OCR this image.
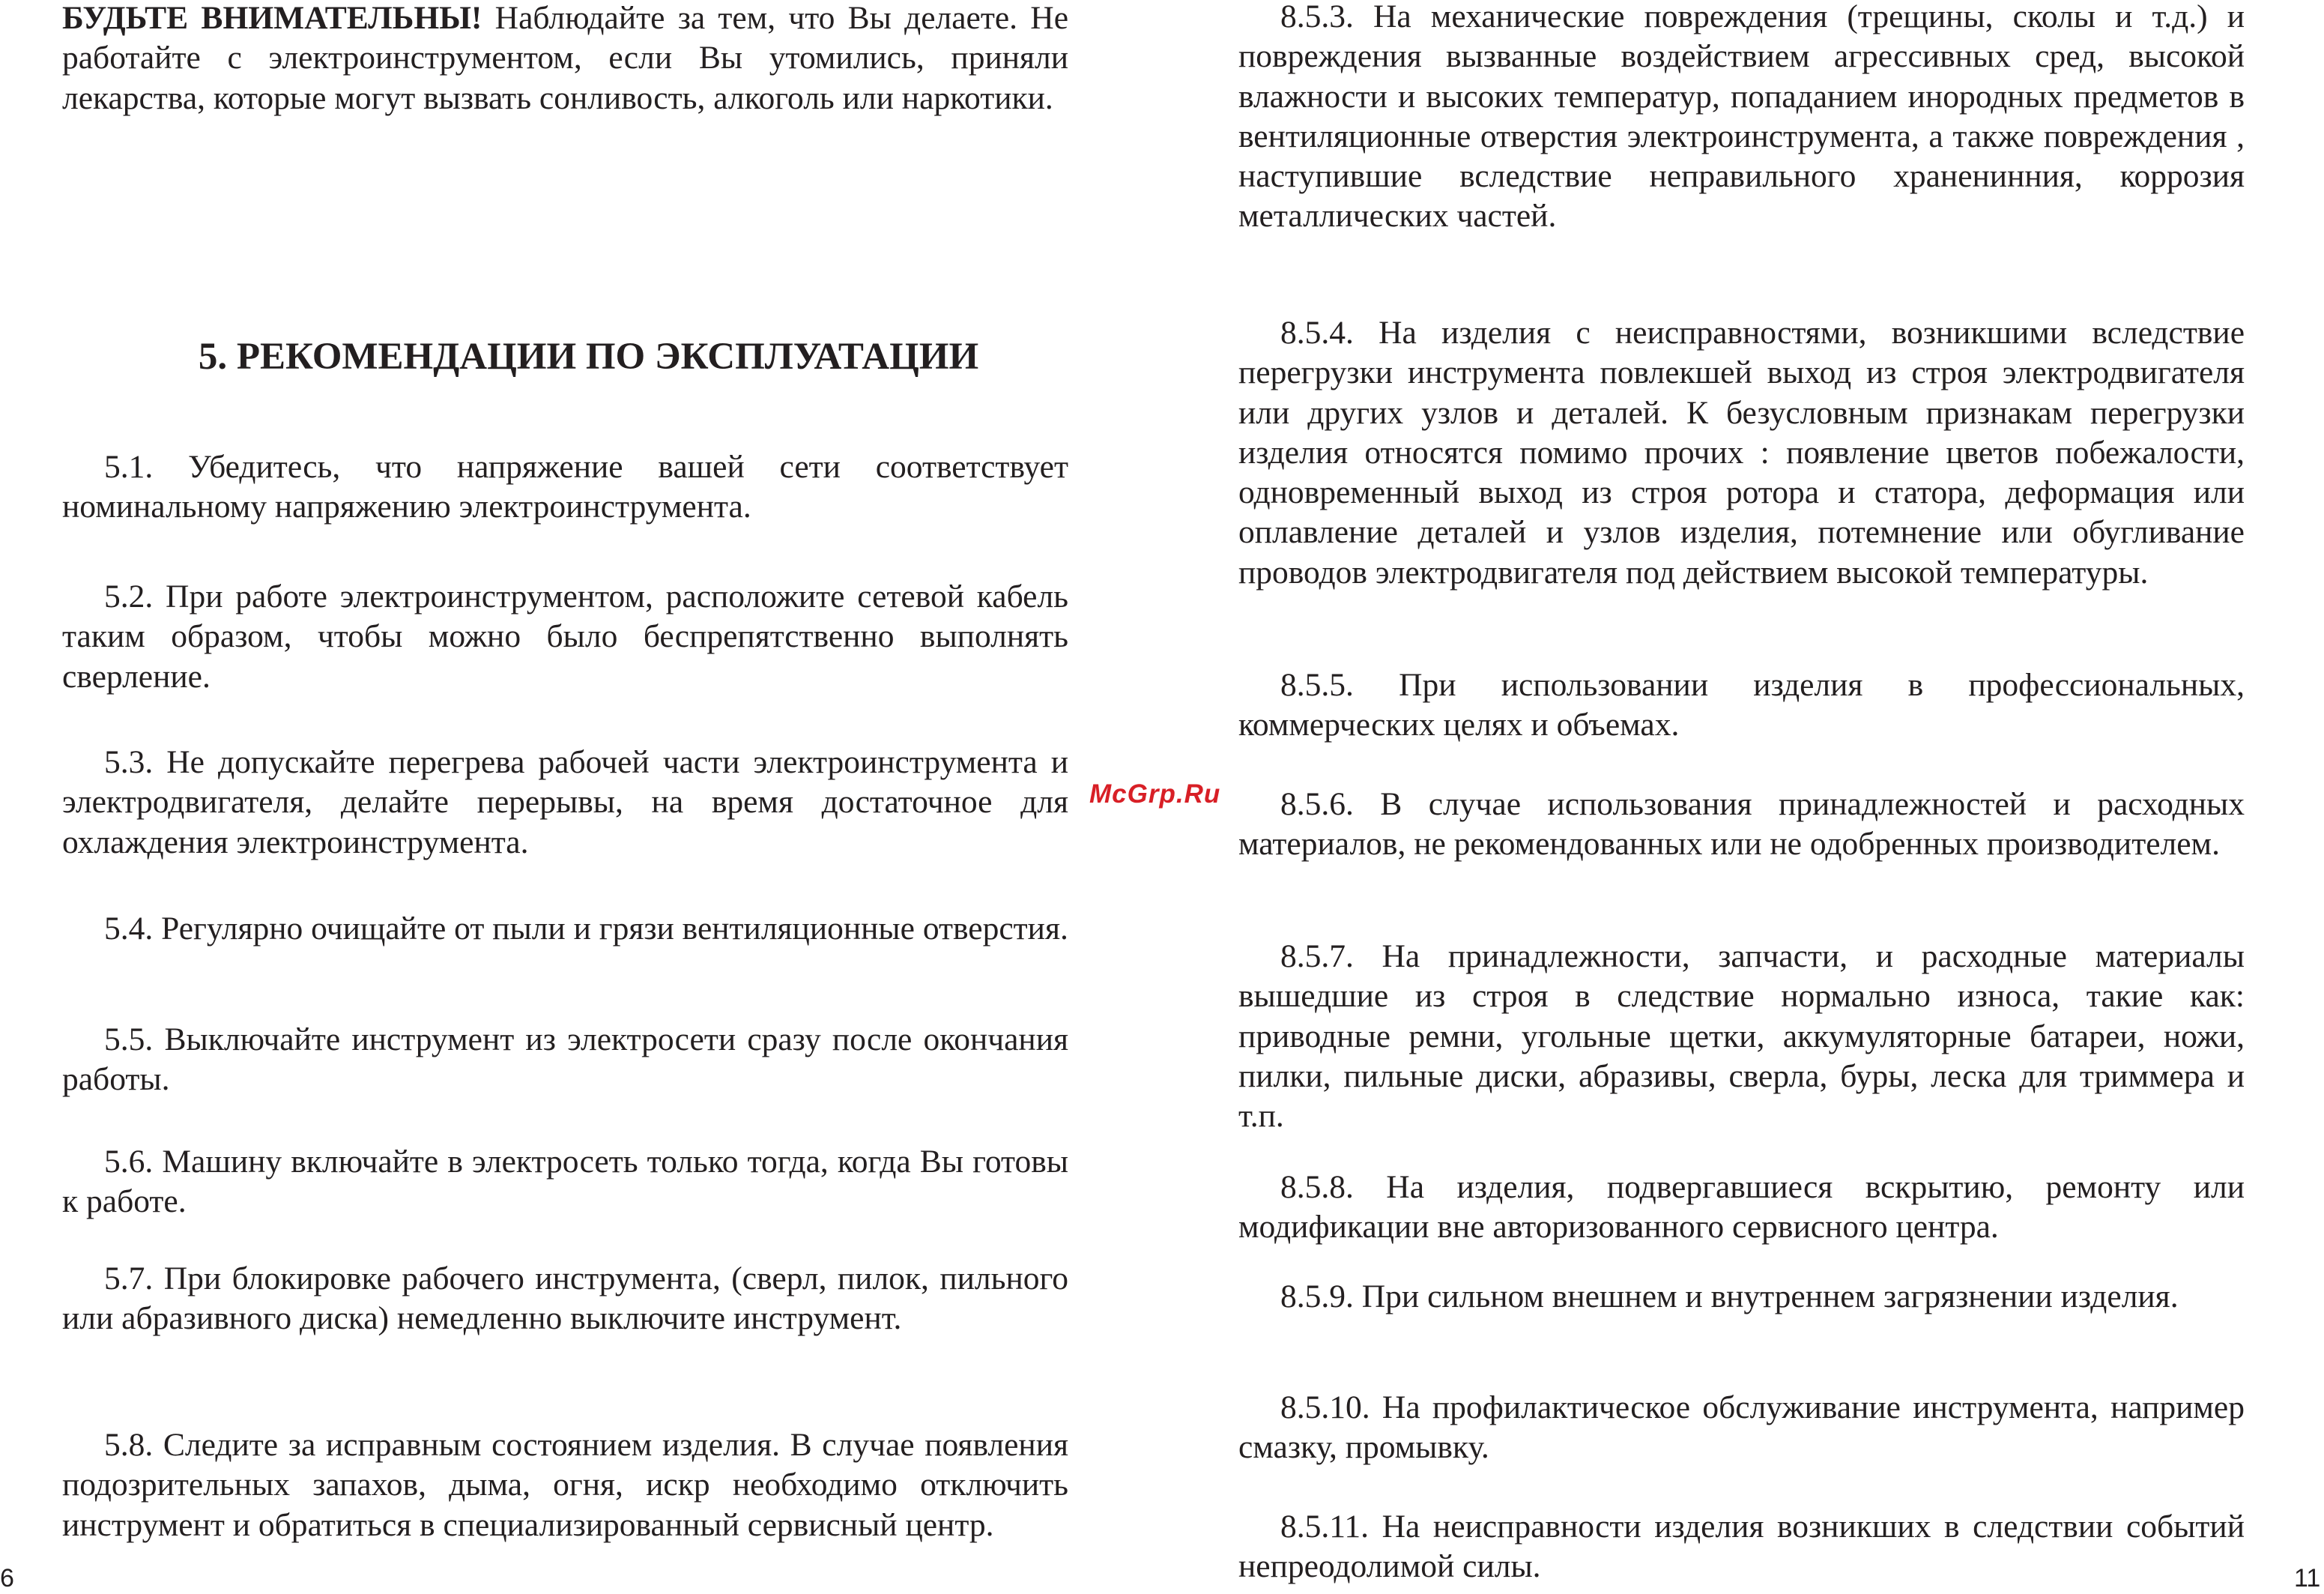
БУДЬТЕ ВНИМАТЕЛЬНЫ! Наблюдайте за тем, что Вы делаете. Не работайте с электроинструментом, если Вы утомились, приняли лекарства, которые могут вызвать сонливость, алкоголь или наркотики.

5. РЕКОМЕНДАЦИИ ПО ЭКСПЛУАТАЦИИ

5.1. Убедитесь, что напряжение вашей сети соответствует номинальному напряжению электроинструмента.

5.2. При работе электроинструментом, расположите сетевой кабель таким образом, чтобы можно было беспрепятственно выполнять сверление.

5.3. Не допускайте перегрева рабочей части электроинструмента и электродвигателя, делайте перерывы, на время достаточное для охлаждения электроинструмента.

5.4. Регулярно очищайте от пыли и грязи вентиляционные отверстия.

5.5. Выключайте инструмент из электросети сразу после окончания работы.

5.6. Машину включайте в электросеть только тогда, когда Вы готовы к работе.

5.7. При блокировке рабочего инструмента, (сверл, пилок, пильного или абразивного диска) немедленно выключите инструмент.

5.8. Следите за исправным состоянием изделия. В случае появления подозрительных запахов, дыма, огня, искр необходимо отключить инструмент и обратиться в специализированный сервисный центр.

6
McGrp.Ru

8.5.3. На механические повреждения (трещины, сколы и т.д.) и повреждения вызванные воздействием агрессивных сред, высокой влажности и высоких температур, попаданием инородных предметов в вентиляционные отверстия электроинструмента, а также повреждения , наступившие вследствие неправильного храненинния, коррозия металлических частей.

8.5.4. На изделия с неисправностями, возникшими вследствие перегрузки инструмента повлекшей выход из строя электродвигателя или других узлов и деталей. К безусловным признакам перегрузки изделия относятся помимо прочих : появление цветов побежалости, одновременный выход из строя ротора и статора, деформация или оплавление деталей и узлов изделия, потемнение или обугливание проводов электродвигателя под действием высокой температуры.

8.5.5. При использовании изделия в профессиональных, коммерческих целях и объемах.

8.5.6. В случае использования принадлежностей и расходных материалов, не рекомендованных или не одобренных производителем.

8.5.7. На принадлежности, запчасти, и расходные материалы вышедшие из строя в следствие нормально износа, такие как: приводные ремни, угольные щетки, аккумуляторные батареи, ножи, пилки, пильные диски, абразивы, сверла, буры, леска для триммера и т.п.

8.5.8. На изделия, подвергавшиеся вскрытию, ремонту или модификации вне авторизованного сервисного центра.

8.5.9. При сильном внешнем и внутреннем загрязнении изделия.

8.5.10. На профилактическое обслуживание инструмента, например смазку, промывку.

8.5.11. На неисправности изделия возникших в следствии событий непреодолимой силы.	11
